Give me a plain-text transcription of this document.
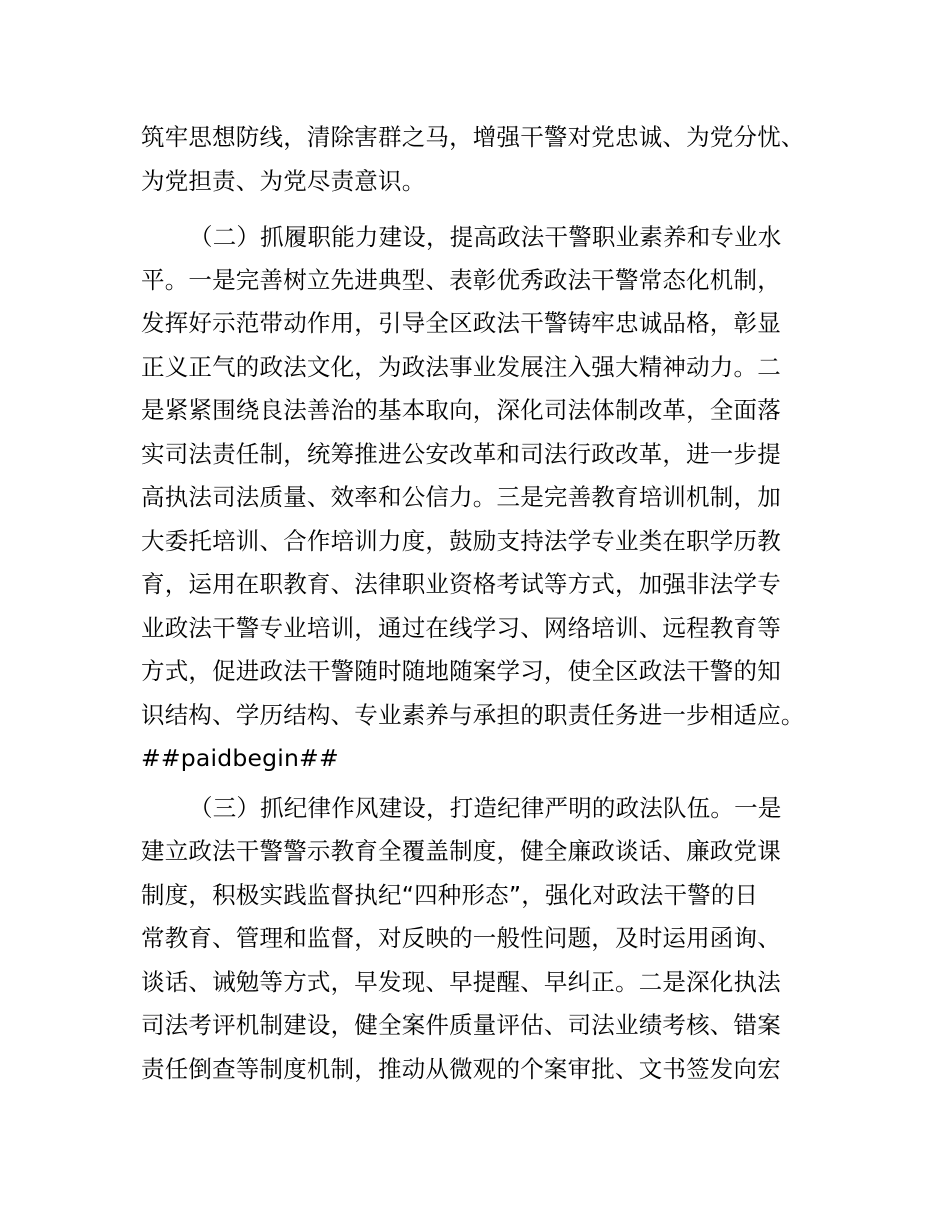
筑牢思想防线，清除害群之马，增强干警对党忠诚、为党分忧、
为党担责、为党尽责意识。
（二）抓履职能力建设，提高政法干警职业素养和专业水
平。一是完善树立先进典型、表彰优秀政法干警常态化机制，
发挥好示范带动作用，引导全区政法干警铸牢忠诚品格，彰显
正义正气的政法文化，为政法事业发展注入强大精神动力。二
是紧紧围绕良法善治的基本取向，深化司法体制改革，全面落
实司法责任制，统筹推进公安改革和司法行政改革，进一步提
高执法司法质量、效率和公信力。三是完善教育培训机制，加
大委托培训、合作培训力度，鼓励支持法学专业类在职学历教
育，运用在职教育、法律职业资格考试等方式，加强非法学专
业政法干警专业培训，通过在线学习、网络培训、远程教育等
方式，促进政法干警随时随地随案学习，使全区政法干警的知
识结构、学历结构、专业素养与承担的职责任务进一步相适应。
##paidbegin##
（三）抓纪律作风建设，打造纪律严明的政法队伍。一是
建立政法干警警示教育全覆盖制度，健全廉政谈话、廉政党课
制度，积极实践监督执纪“四种形态”，强化对政法干警的日
常教育、管理和监督，对反映的一般性问题，及时运用函询、
谈话、诫勉等方式，早发现、早提醒、早纠正。二是深化执法
司法考评机制建设，健全案件质量评估、司法业绩考核、错案
责任倒查等制度机制，推动从微观的个案审批、文书签发向宏
